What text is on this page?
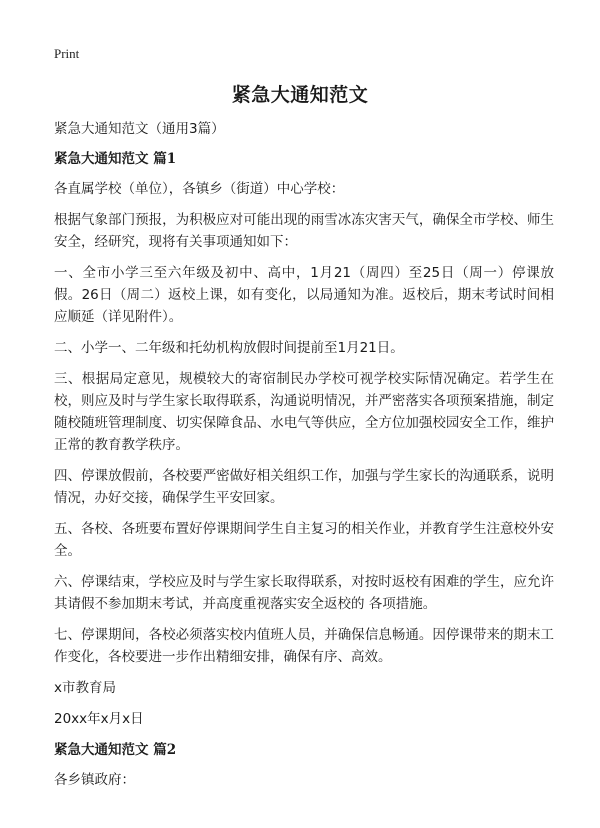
Print
紧急大通知范文

紧急大通知范文（通用3篇）

紧急大通知范文 篇1

各直属学校（单位），各镇乡（街道）中心学校：

根据气象部门预报，为积极应对可能出现的雨雪冰冻灾害天气，确保全市学校、师生安全，经研究，现将有关事项通知如下：

一、全市小学三至六年级及初中、高中，1月21（周四）至25日（周一）停课放假。26日（周二）返校上课，如有变化，以局通知为准。返校后，期末考试时间相应顺延（详见附件）。

二、小学一、二年级和托幼机构放假时间提前至1月21日。

三、根据局定意见，规模较大的寄宿制民办学校可视学校实际情况确定。若学生在校，则应及时与学生家长取得联系，沟通说明情况，并严密落实各项预案措施，制定随校随班管理制度、切实保障食品、水电气等供应，全方位加强校园安全工作，维护正常的教育教学秩序。

四、停课放假前，各校要严密做好相关组织工作，加强与学生家长的沟通联系，说明情况，办好交接，确保学生平安回家。

五、各校、各班要布置好停课期间学生自主复习的相关作业，并教育学生注意校外安全。

六、停课结束，学校应及时与学生家长取得联系，对按时返校有困难的学生，应允许其请假不参加期末考试，并高度重视落实安全返校的 各项措施。

七、停课期间，各校必须落实校内值班人员，并确保信息畅通。因停课带来的期末工作变化，各校要进一步作出精细安排，确保有序、高效。

x市教育局

20xx年x月x日

紧急大通知范文 篇2

各乡镇政府：
